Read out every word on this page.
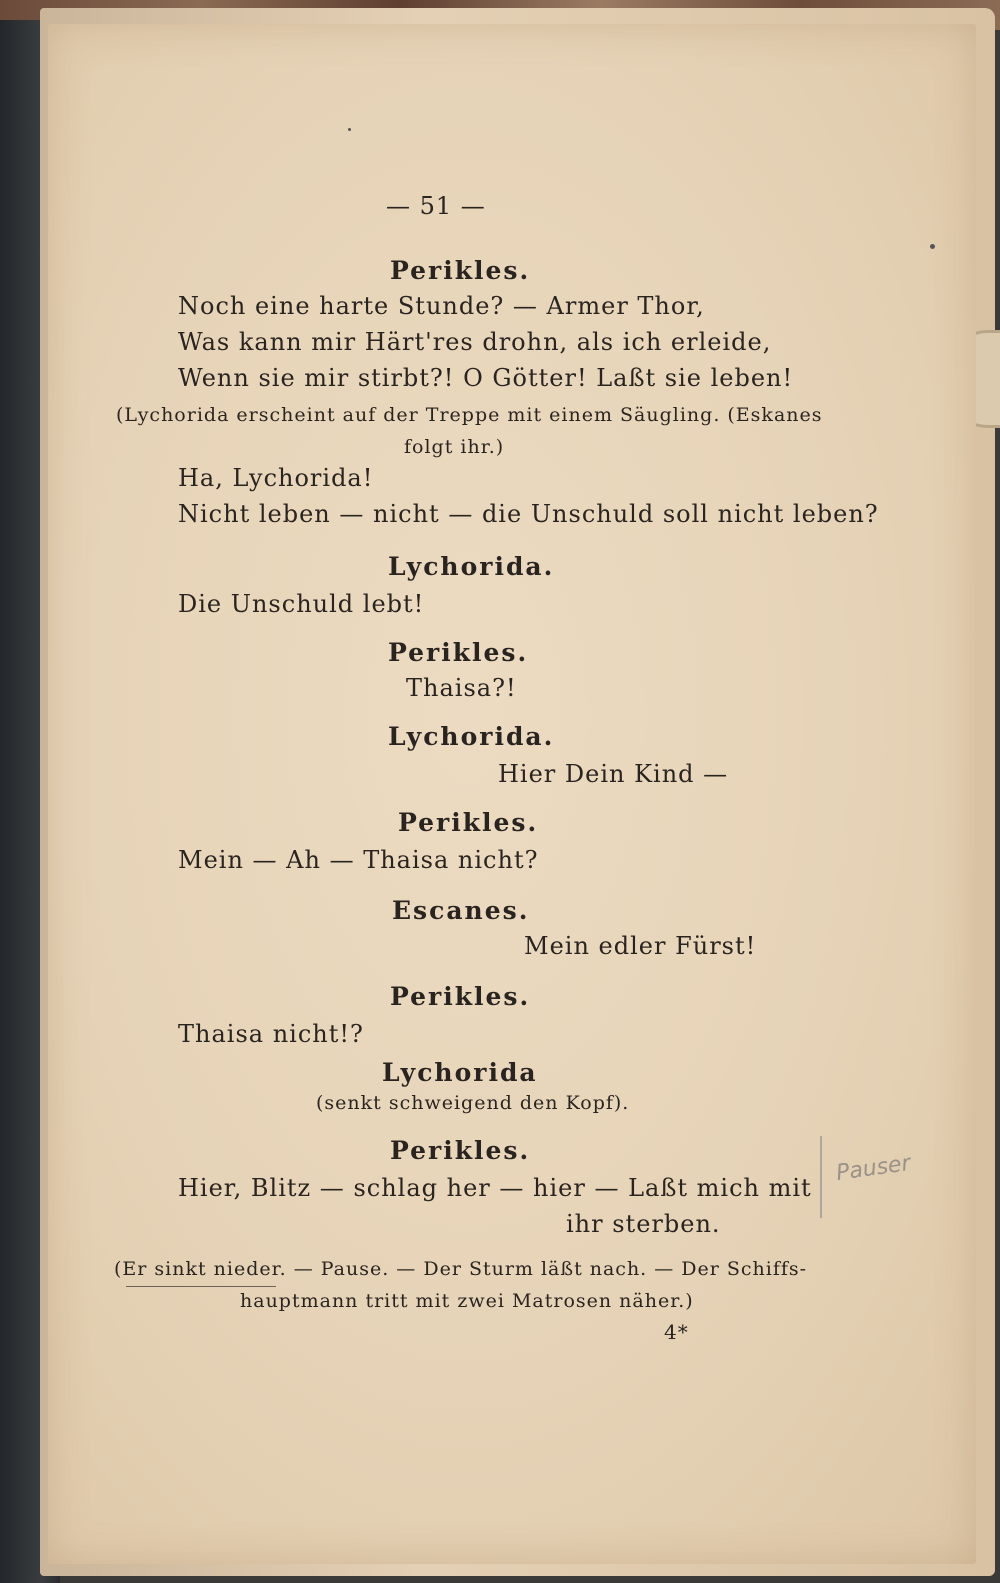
— 51 —
Perikles.
Noch eine harte Stunde? — Armer Thor,
Was kann mir Härt'res drohn, als ich erleide,
Wenn sie mir stirbt?! O Götter! Laßt sie leben!
(Lychorida erscheint auf der Treppe mit einem Säugling. (Eskanes
folgt ihr.)
Ha, Lychorida!
Nicht leben — nicht — die Unschuld soll nicht leben?
Lychorida.
Die Unschuld lebt!
Perikles.
Thaisa?!
Lychorida.
Hier Dein Kind —
Perikles.
Mein — Ah — Thaisa nicht?
Escanes.
Mein edler Fürst!
Perikles.
Thaisa nicht!?
Lychorida
(senkt schweigend den Kopf).
Perikles.
Hier, Blitz — schlag her — hier — Laßt mich mit
ihr sterben.
(Er sinkt nieder. — Pause. — Der Sturm läßt nach. — Der Schiffs-
hauptmann tritt mit zwei Matrosen näher.)
4*
Pauser
